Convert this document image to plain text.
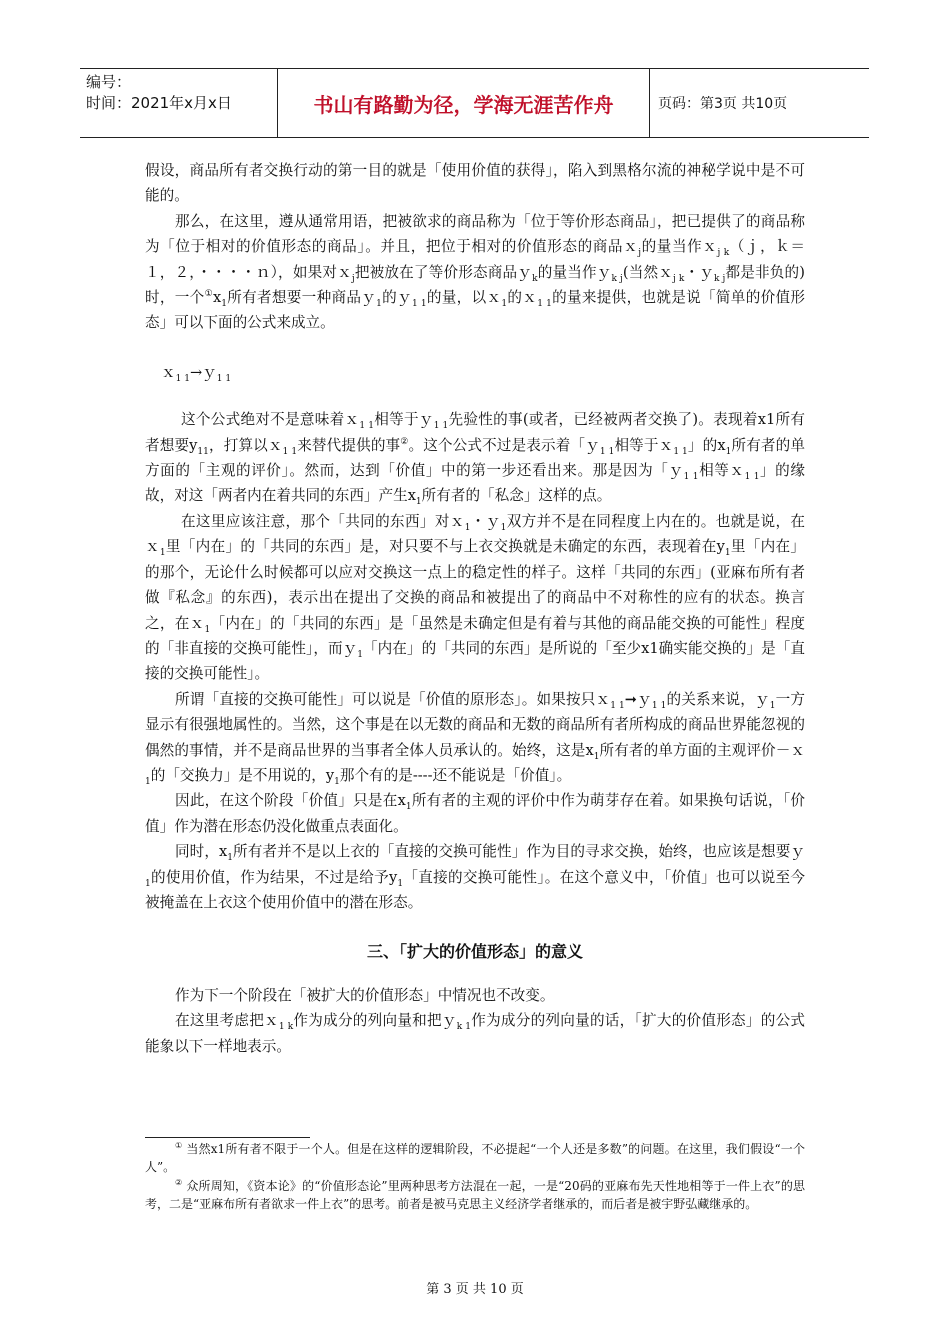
编号：
时间：2021年x月x日	书山有路勤为径，学海无涯苦作舟	页码：第3页 共10页

假设，商品所有者交换行动的第一目的就是「使用价值的获得」，陷入到黑格尔流的神秘学说中是不可能的。

那么，在这里，遵从通常用语，把被欲求的商品称为「位于等价形态商品」，把已提供了的商品称为「位于相对的价值形态的商品」。并且，把位于相对的价值形态的商品ｘ$_j$的量当作ｘ$_{j k}$（ｊ，ｋ＝１，２，・・・・ｎ），如果对ｘ$_j$把被放在了等价形态商品ｙ$_k$的量当作ｙ$_{k j}$(当然ｘ$_{j k}$・ｙ$_{k j}$都是非负的)时，一个$^①x_1$所有者想要一种商品ｙ$_1$的ｙ$_{1 1}$的量，以ｘ$_1$的ｘ$_{1 1}$的量来提供，也就是说「简单的价值形态」可以下面的公式来成立。

ｘ$_{1 1}$→ｙ$_{1 1}$

这个公式绝对不是意味着ｘ$_{1 1}$相等于ｙ$_{1 1}$先验性的事(或者，已经被两者交换了)。表现着x1所有者想要$y_{11}$，打算以ｘ$_{1 1}$来替代提供的事②。这个公式不过是表示着「ｙ$_{1 1}$相等于ｘ$_{1 1}$」的$x_1$所有者的单方面的「主观的评价」。然而，达到「价值」中的第一步还看出来。那是因为「ｙ$_{1 1}$相等ｘ$_{1 1}$」的缘故，对这「两者内在着共同的东西」产生$x_1$所有者的「私念」这样的点。

在这里应该注意，那个「共同的东西」对ｘ$_1$・ｙ$_1$双方并不是在同程度上内在的。也就是说，在ｘ$_1$里「内在」的「共同的东西」是，对只要不与上衣交换就是未确定的东西，表现着在$y_1$里「内在」的那个，无论什么时候都可以应对交换这一点上的稳定性的样子。这样「共同的东西」(亚麻布所有者做『私念』的东西)，表示出在提出了交换的商品和被提出了的商品中不对称性的应有的状态。换言之，在ｘ$_1$「内在」的「共同的东西」是「虽然是未确定但是有着与其他的商品能交换的可能性」程度的「非直接的交换可能性」，而ｙ$_1$「内在」的「共同的东西」是所说的「至少x1确实能交换的」是「直接的交换可能性」。

所谓「直接的交换可能性」可以说是「价值的原形态」。如果按只ｘ$_{1 1}$➞ｙ$_{1 1}$的关系来说，ｙ$_1$一方显示有很强地属性的。当然，这个事是在以无数的商品和无数的商品所有者所构成的商品世界能忽视的偶然的事情，并不是商品世界的当事者全体人员承认的。始终，这是$x_1$所有者的单方面的主观评价－ｘ$_1$的「交换力」是不用说的，$y_1$那个有的是----还不能说是「价值」。

因此，在这个阶段「价值」只是在$x_1$所有者的主观的评价中作为萌芽存在着。如果换句话说，「价值」作为潜在形态仍没化做重点表面化。

同时，$x_1$所有者并不是以上衣的「直接的交换可能性」作为目的寻求交换，始终，也应该是想要ｙ$_1$的使用价值，作为结果，不过是给予$y_1$「直接的交换可能性」。在这个意义中，「价值」也可以说至今被掩盖在上衣这个使用价值中的潜在形态。

三、「扩大的价值形态」的意义

作为下一个阶段在「被扩大的价值形态」中情况也不改变。

在这里考虑把ｘ$_{1 k}$作为成分的列向量和把ｙ$_{k 1}$作为成分的列向量的话，「扩大的价值形态」的公式能象以下一样地表示。

① 当然x1所有者不限于一个人。但是在这样的逻辑阶段，不必提起“一个人还是多数”的问题。在这里，我们假设“一个人”。

② 众所周知，《资本论》的“价值形态论”里两种思考方法混在一起，一是“20码的亚麻布先天性地相等于一件上衣”的思考，二是“亚麻布所有者欲求一件上衣”的思考。前者是被马克思主义经济学者继承的，而后者是被宇野弘藏继承的。

第 3 页 共 10 页
